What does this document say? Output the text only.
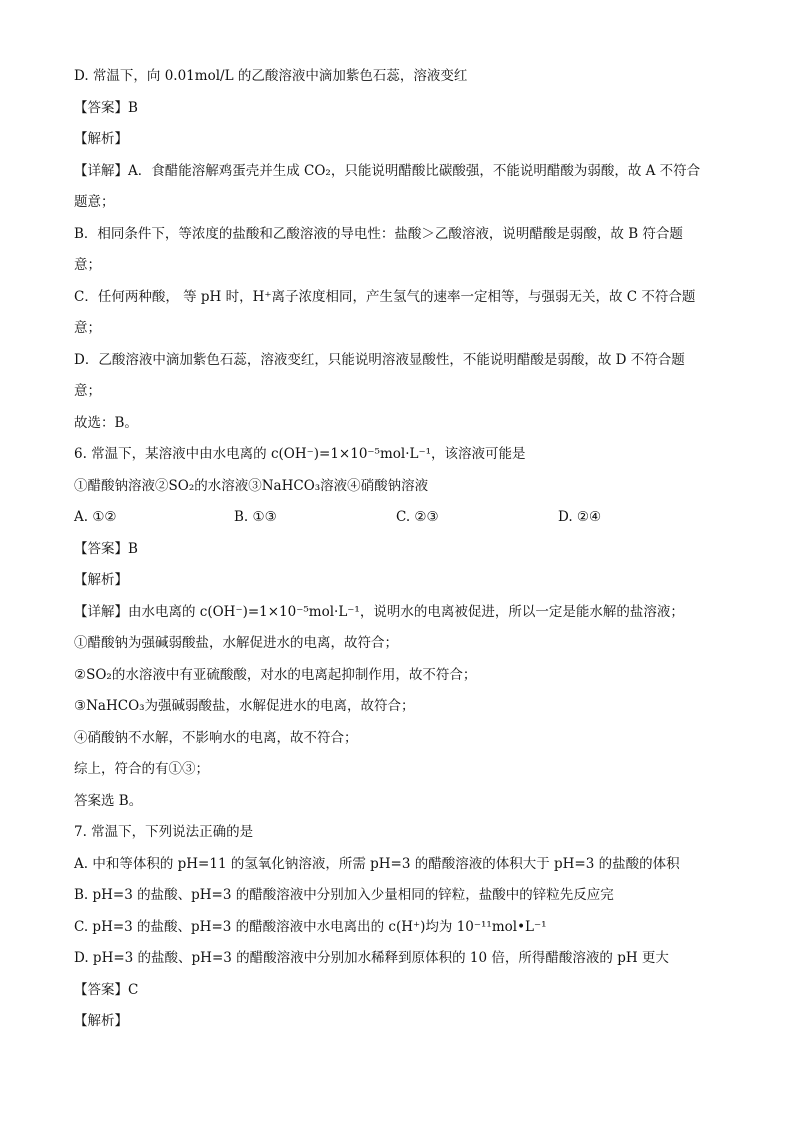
D. 常温下，向 0.01mol/L 的乙酸溶液中滴加紫色石蕊，溶液变红
【答案】B
【解析】
【详解】A．食醋能溶解鸡蛋壳并生成 CO₂，只能说明醋酸比碳酸强，不能说明醋酸为弱酸，故 A 不符合
题意；
B．相同条件下，等浓度的盐酸和乙酸溶液的导电性：盐酸＞乙酸溶液，说明醋酸是弱酸，故 B 符合题
意；
C．任何两种酸， 等 pH 时，H⁺离子浓度相同，产生氢气的速率一定相等，与强弱无关，故 C 不符合题
意；
D．乙酸溶液中滴加紫色石蕊，溶液变红，只能说明溶液显酸性，不能说明醋酸是弱酸，故 D 不符合题
意；
故选：B。
6. 常温下，某溶液中由水电离的 c(OH⁻)=1×10⁻⁵mol·L⁻¹，该溶液可能是
①醋酸钠溶液②SO₂的水溶液③NaHCO₃溶液④硝酸钠溶液
A. ①②	B. ①③	C. ②③	D. ②④
【答案】B
【解析】
【详解】由水电离的 c(OH⁻)=1×10⁻⁵mol·L⁻¹，说明水的电离被促进，所以一定是能水解的盐溶液；
①醋酸钠为强碱弱酸盐，水解促进水的电离，故符合；
②SO₂的水溶液中有亚硫酸酸，对水的电离起抑制作用，故不符合；
③NaHCO₃为强碱弱酸盐，水解促进水的电离，故符合；
④硝酸钠不水解，不影响水的电离，故不符合；
综上，符合的有①③；
答案选 B。
7. 常温下，下列说法正确的是
A. 中和等体积的 pH=11 的氢氧化钠溶液，所需 pH=3 的醋酸溶液的体积大于 pH=3 的盐酸的体积
B. pH=3 的盐酸、pH=3 的醋酸溶液中分别加入少量相同的锌粒，盐酸中的锌粒先反应完
C. pH=3 的盐酸、pH=3 的醋酸溶液中水电离出的 c(H⁺)均为 10⁻¹¹mol•L⁻¹
D. pH=3 的盐酸、pH=3 的醋酸溶液中分别加水稀释到原体积的 10 倍，所得醋酸溶液的 pH 更大
【答案】C
【解析】
